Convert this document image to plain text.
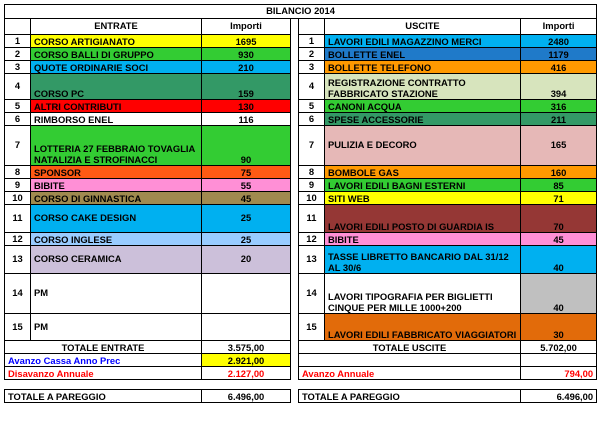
BILANCIO 2014						
	ENTRATE	Importi			USCITE	Importi
1	CORSO ARTIGIANATO	1695		1	LAVORI EDILI MAGAZZINO MERCI	2480
2	CORSO BALLI DI GRUPPO	930		2	BOLLETTE ENEL	1179
3	QUOTE ORDINARIE SOCI	210		3	BOLLETTE TELEFONO	416
4	CORSO PC	159		4	REGISTRAZIONE CONTRATTO FABBRICATO STAZIONE	394
5	ALTRI CONTRIBUTI	130		5	CANONI ACQUA	316
6	RIMBORSO ENEL	116		6	SPESE ACCESSORIE	211
7	LOTTERIA 27 FEBBRAIO TOVAGLIA NATALIZIA E STROFINACCI	90		7	PULIZIA E DECORO	165
8	SPONSOR	75		8	BOMBOLE GAS	160
9	BIBITE	55		9	LAVORI EDILI BAGNI ESTERNI	85
10	CORSO DI GINNASTICA	45		10	SITI WEB	71
11	CORSO CAKE DESIGN	25		11	LAVORI EDILI POSTO DI GUARDIA IS	70
12	CORSO INGLESE	25		12	BIBITE	45
13	CORSO CERAMICA	20		13	TASSE LIBRETTO BANCARIO DAL 31/12 AL 30/6	40
14	PM			14	LAVORI TIPOGRAFIA PER BIGLIETTI CINQUE PER MILLE 1000+200	40
15	PM			15	LAVORI EDILI FABBRICATO VIAGGIATORI	30
TOTALE ENTRATE		3.575,00		TOTALE USCITE		5.702,00
Avanzo Cassa Anno Prec		2.921,00				
Disavanzo Annuale		2.127,00		Avanzo Annuale		794,00

TOTALE A PAREGGIO		6.496,00		TOTALE A PAREGGIO		6.496,00
